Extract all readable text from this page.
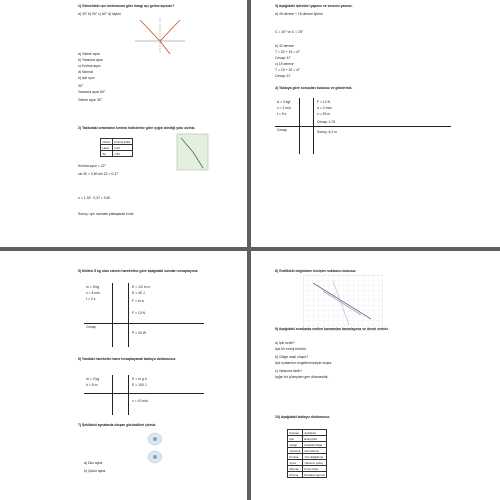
1) Görseldeki ışın kırılmasına göre hangi açı gelme açısıdır?
a) 30° b) 90° c) 60° d) hiçbiri
a) Gelme açısı
b) Yansıma açısı
c) Kırılma açısı
d) Normal
e) Işık ışını
30°
Yansıma açısı 60°
Gelme açısı 30°
2) Tablodaki ortamların kırılma indislerine göre ışığın izlediği yolu çiziniz.
Ortam	Kırılma indisi
Hava	1,00
Su	1,33
Kırılma açısı = 22°
sin 30 = 0,50 sin 22 = 0,37
n = 1,33 · 0,37 = 0,50
Sonuç: ışık normale yaklaşarak kırılır.
3) Aşağıdaki işlemleri yapınız ve sonucu yazınız.
a) 45 derece + 15 derece işlemi
C = 20° ve C = 25°
b) 32 derece
T = 32 + 15 = 47
Cevap: 47
c) 15 derece
T = 15 + 32 = 47
Cevap: 47
4) Tabloya göre sonuçları bulunuz ve gösteriniz.
Δ = 4 kgf
v = 2 m/s
t = 5 s
F = 12 N
a = 2 m/s²
x = 25 m
Cevap: 4,75
Sonuç: 6,2 m
Cevap
5) Kütlesi 5 kg olan cismin hareketine göre aşağıdaki soruları cevaplayınız.
m = 5 kg
v = 4 m/s
t = 2 s
E = 1/2 m v²
E = 40 J
F = m a
F = 10 N
P = 20 W
Cevap
6) Yandaki hareketin hızını hesaplayarak tabloyu doldurunuz.
m = 2 kg
h = 5 m
E = m g h
E = 100 J
v = 10 m/s
7) Şekildeki aynalarda oluşan görüntüleri çiziniz.
a) Düz ayna
b) Çukur ayna
8) Grafikteki doğruların kesişim noktasını bulunuz.
9) Aşağıdaki sorularda verilen kavramları tanımlayınız ve örnek veriniz.
a) Işık nedir?
Işık bir enerji türüdür.
b) Gölge nasıl oluşur?
Işık ışınlarının engellenmesiyle oluşur.
c) Yansıma nedir?
Işığın bir yüzeyden geri dönmesidir.
10) Aşağıdaki tabloyu doldurunuz.
Kavram	Açıklama
Işık	Enerji türü
Gölge	Karanlık bölge
Yansıma	Geri dönme
Kırılma	Yön değiştirme
Ayna	Yansıtıcı yüzey
Mercek	Kırıcı ortam
Prizma	Renklere ayırma
